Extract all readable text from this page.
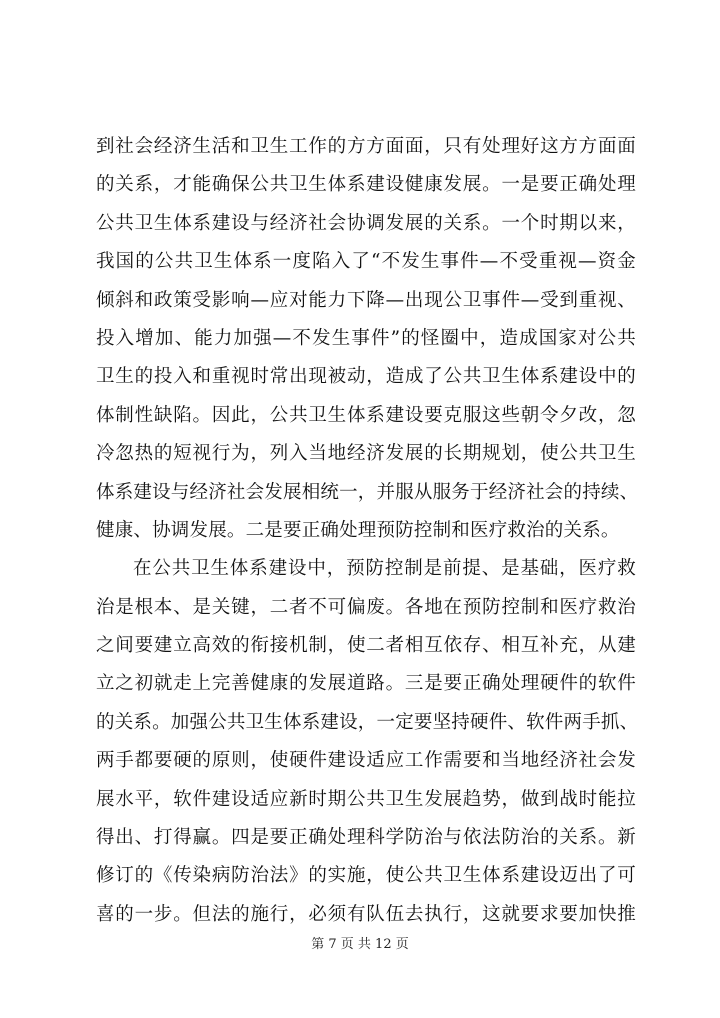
到社会经济生活和卫生工作的方方面面，只有处理好这方方面面
的关系，才能确保公共卫生体系建设健康发展。一是要正确处理
公共卫生体系建设与经济社会协调发展的关系。一个时期以来，
我国的公共卫生体系一度陷入了“不发生事件—不受重视—资金
倾斜和政策受影响—应对能力下降—出现公卫事件—受到重视、
投入增加、能力加强—不发生事件”的怪圈中，造成国家对公共
卫生的投入和重视时常出现被动，造成了公共卫生体系建设中的
体制性缺陷。因此，公共卫生体系建设要克服这些朝令夕改，忽
冷忽热的短视行为，列入当地经济发展的长期规划，使公共卫生
体系建设与经济社会发展相统一，并服从服务于经济社会的持续、
健康、协调发展。二是要正确处理预防控制和医疗救治的关系。
在公共卫生体系建设中，预防控制是前提、是基础，医疗救
治是根本、是关键，二者不可偏废。各地在预防控制和医疗救治
之间要建立高效的衔接机制，使二者相互依存、相互补充，从建
立之初就走上完善健康的发展道路。三是要正确处理硬件的软件
的关系。加强公共卫生体系建设，一定要坚持硬件、软件两手抓、
两手都要硬的原则，使硬件建设适应工作需要和当地经济社会发
展水平，软件建设适应新时期公共卫生发展趋势，做到战时能拉
得出、打得赢。四是要正确处理科学防治与依法防治的关系。新
修订的《传染病防治法》的实施，使公共卫生体系建设迈出了可
喜的一步。但法的施行，必须有队伍去执行，这就要求要加快推
第 7 页 共 12 页
